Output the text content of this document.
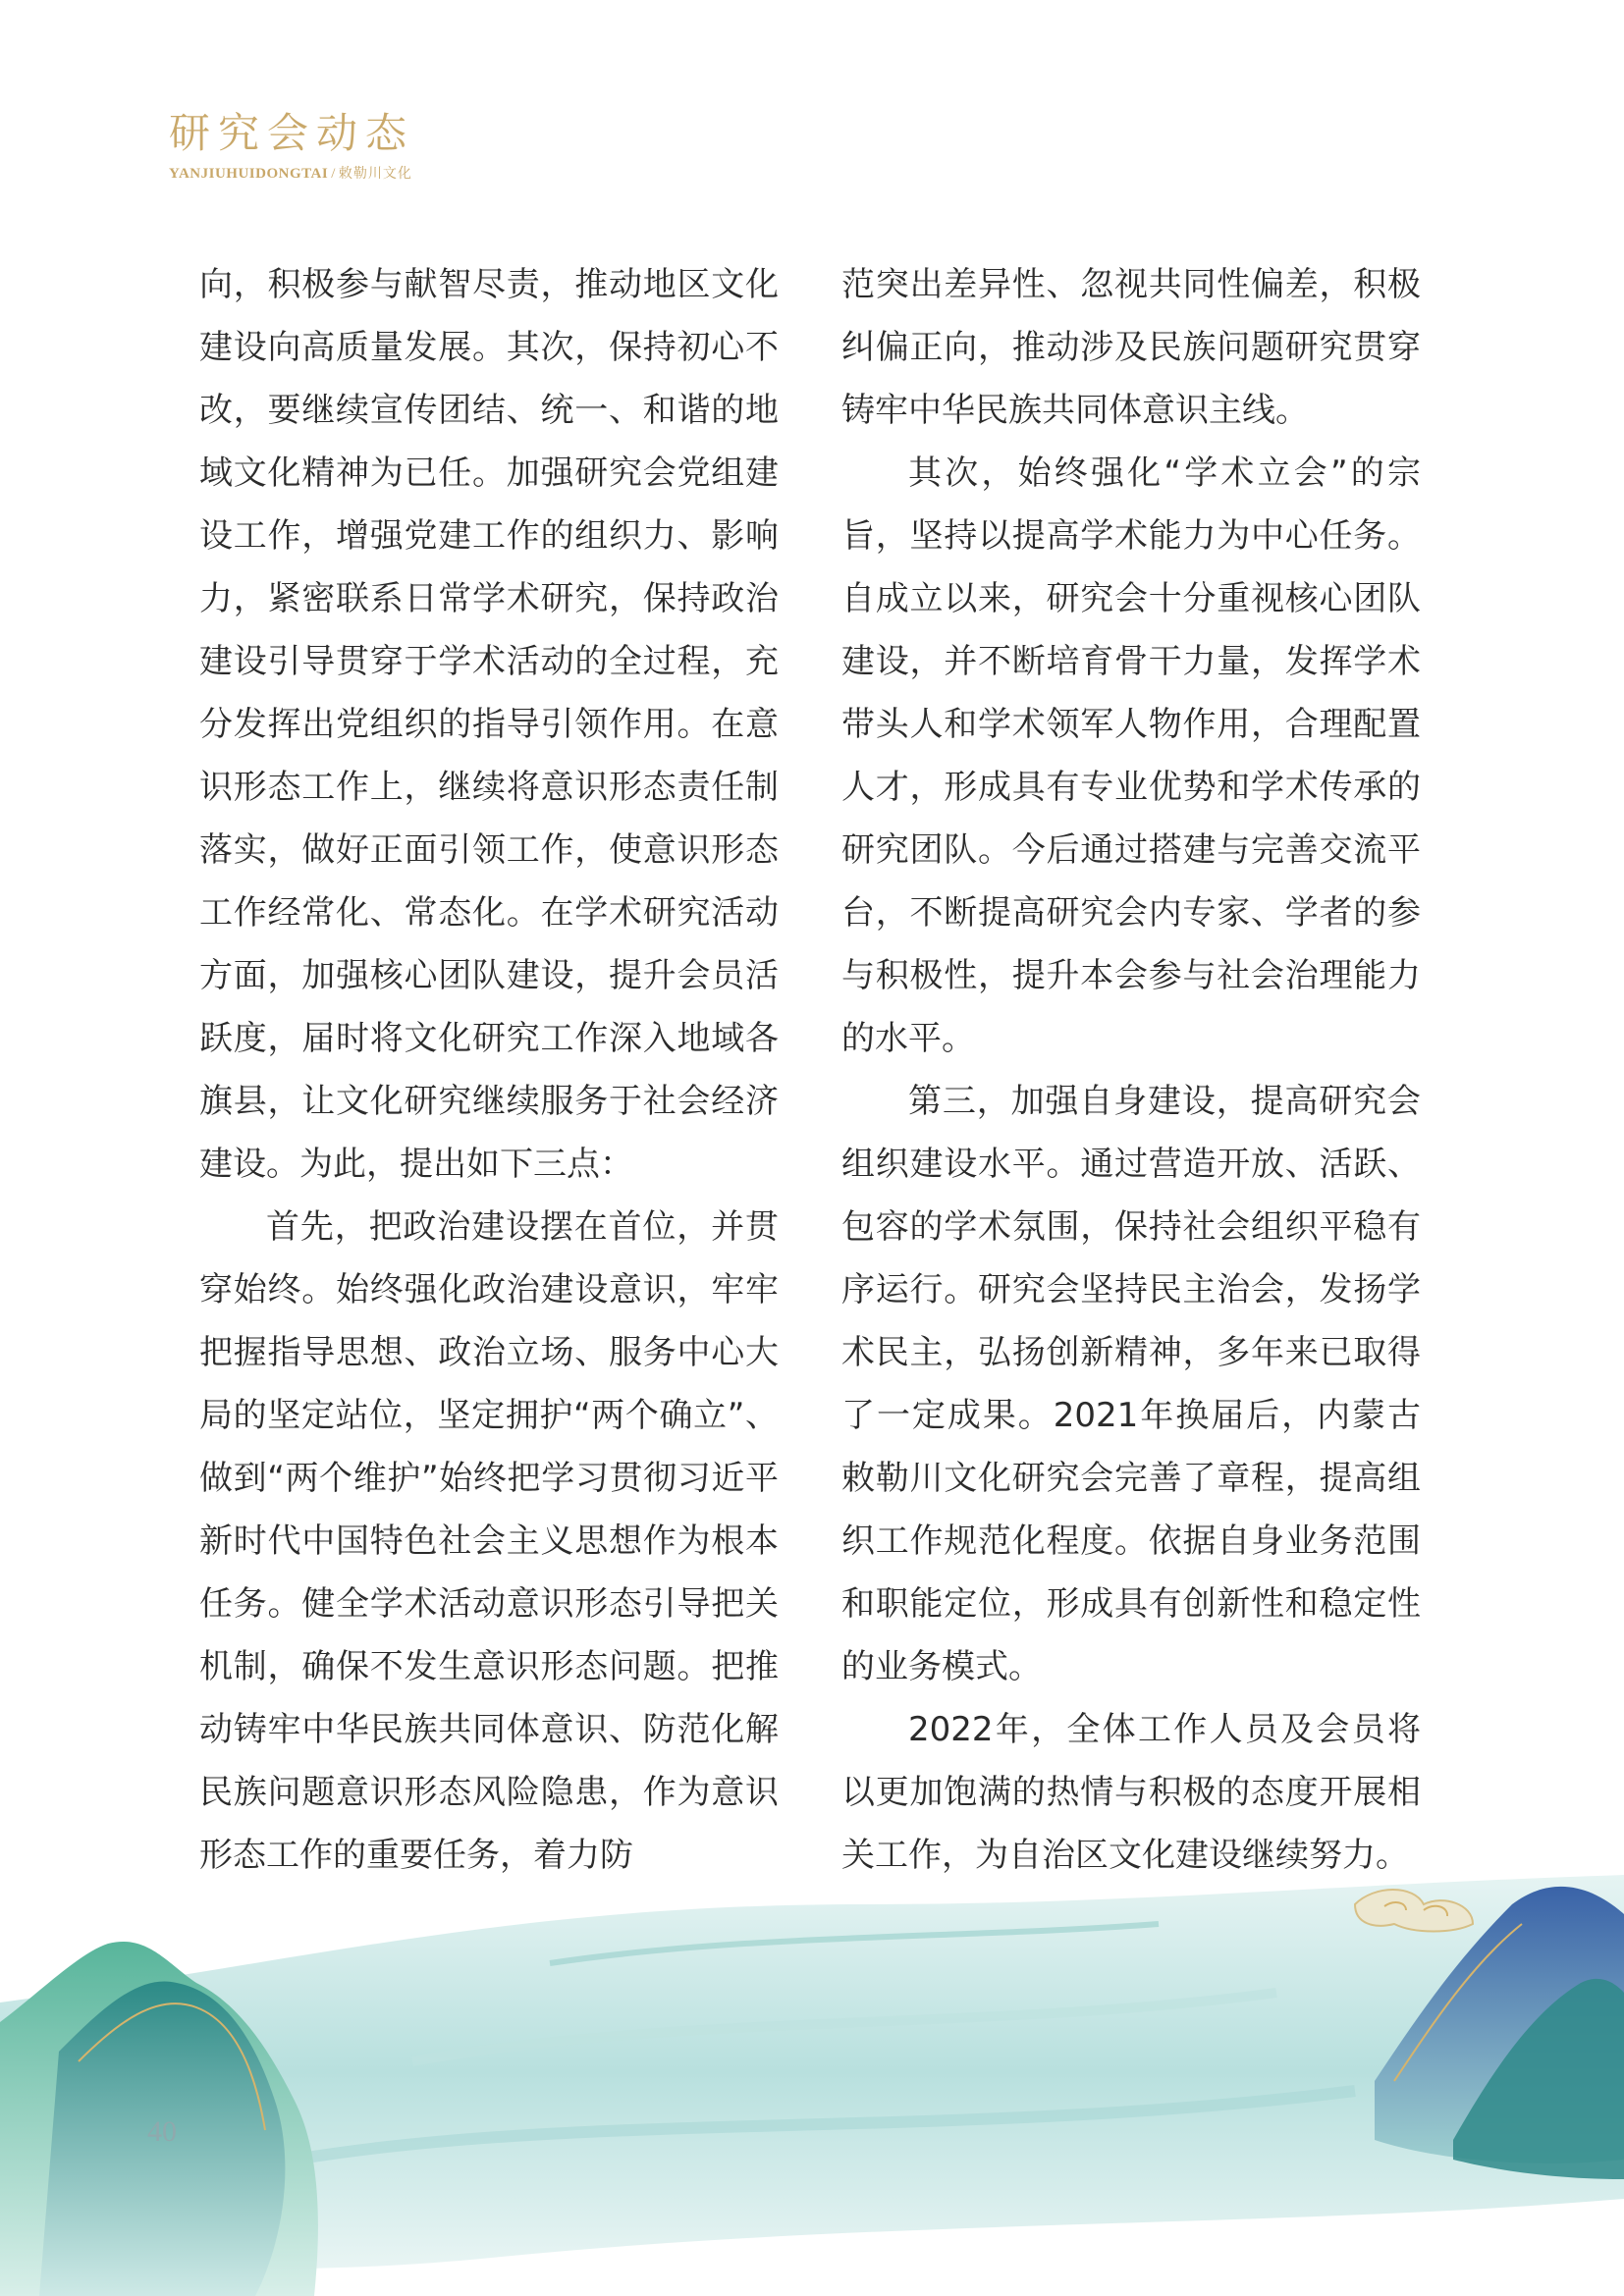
研究会动态
YANJIUHUIDONGTAI / 敕勒川文化

向，积极参与献智尽责，推动地区文化建设向高质量发展。其次，保持初心不改，要继续宣传团结、统一、和谐的地域文化精神为已任。加强研究会党组建设工作，增强党建工作的组织力、影响力，紧密联系日常学术研究，保持政治建设引导贯穿于学术活动的全过程，充分发挥出党组织的指导引领作用。在意识形态工作上，继续将意识形态责任制落实，做好正面引领工作，使意识形态工作经常化、常态化。在学术研究活动方面，加强核心团队建设，提升会员活跃度，届时将文化研究工作深入地域各旗县，让文化研究继续服务于社会经济建设。为此，提出如下三点：

首先，把政治建设摆在首位，并贯穿始终。始终强化政治建设意识，牢牢把握指导思想、政治立场、服务中心大局的坚定站位，坚定拥护“两个确立”、做到“两个维护”始终把学习贯彻习近平新时代中国特色社会主义思想作为根本任务。健全学术活动意识形态引导把关机制，确保不发生意识形态问题。把推动铸牢中华民族共同体意识、防范化解民族问题意识形态风险隐患，作为意识形态工作的重要任务，着力防

范突出差异性、忽视共同性偏差，积极纠偏正向，推动涉及民族问题研究贯穿铸牢中华民族共同体意识主线。

其次，始终强化“学术立会”的宗旨，坚持以提高学术能力为中心任务。自成立以来，研究会十分重视核心团队建设，并不断培育骨干力量，发挥学术带头人和学术领军人物作用，合理配置人才，形成具有专业优势和学术传承的研究团队。今后通过搭建与完善交流平台，不断提高研究会内专家、学者的参与积极性，提升本会参与社会治理能力的水平。

第三，加强自身建设，提高研究会组织建设水平。通过营造开放、活跃、包容的学术氛围，保持社会组织平稳有序运行。研究会坚持民主治会，发扬学术民主，弘扬创新精神，多年来已取得了一定成果。2021年换届后，内蒙古敕勒川文化研究会完善了章程，提高组织工作规范化程度。依据自身业务范围和职能定位，形成具有创新性和稳定性的业务模式。

2022年，全体工作人员及会员将以更加饱满的热情与积极的态度开展相关工作，为自治区文化建设继续努力。

40
